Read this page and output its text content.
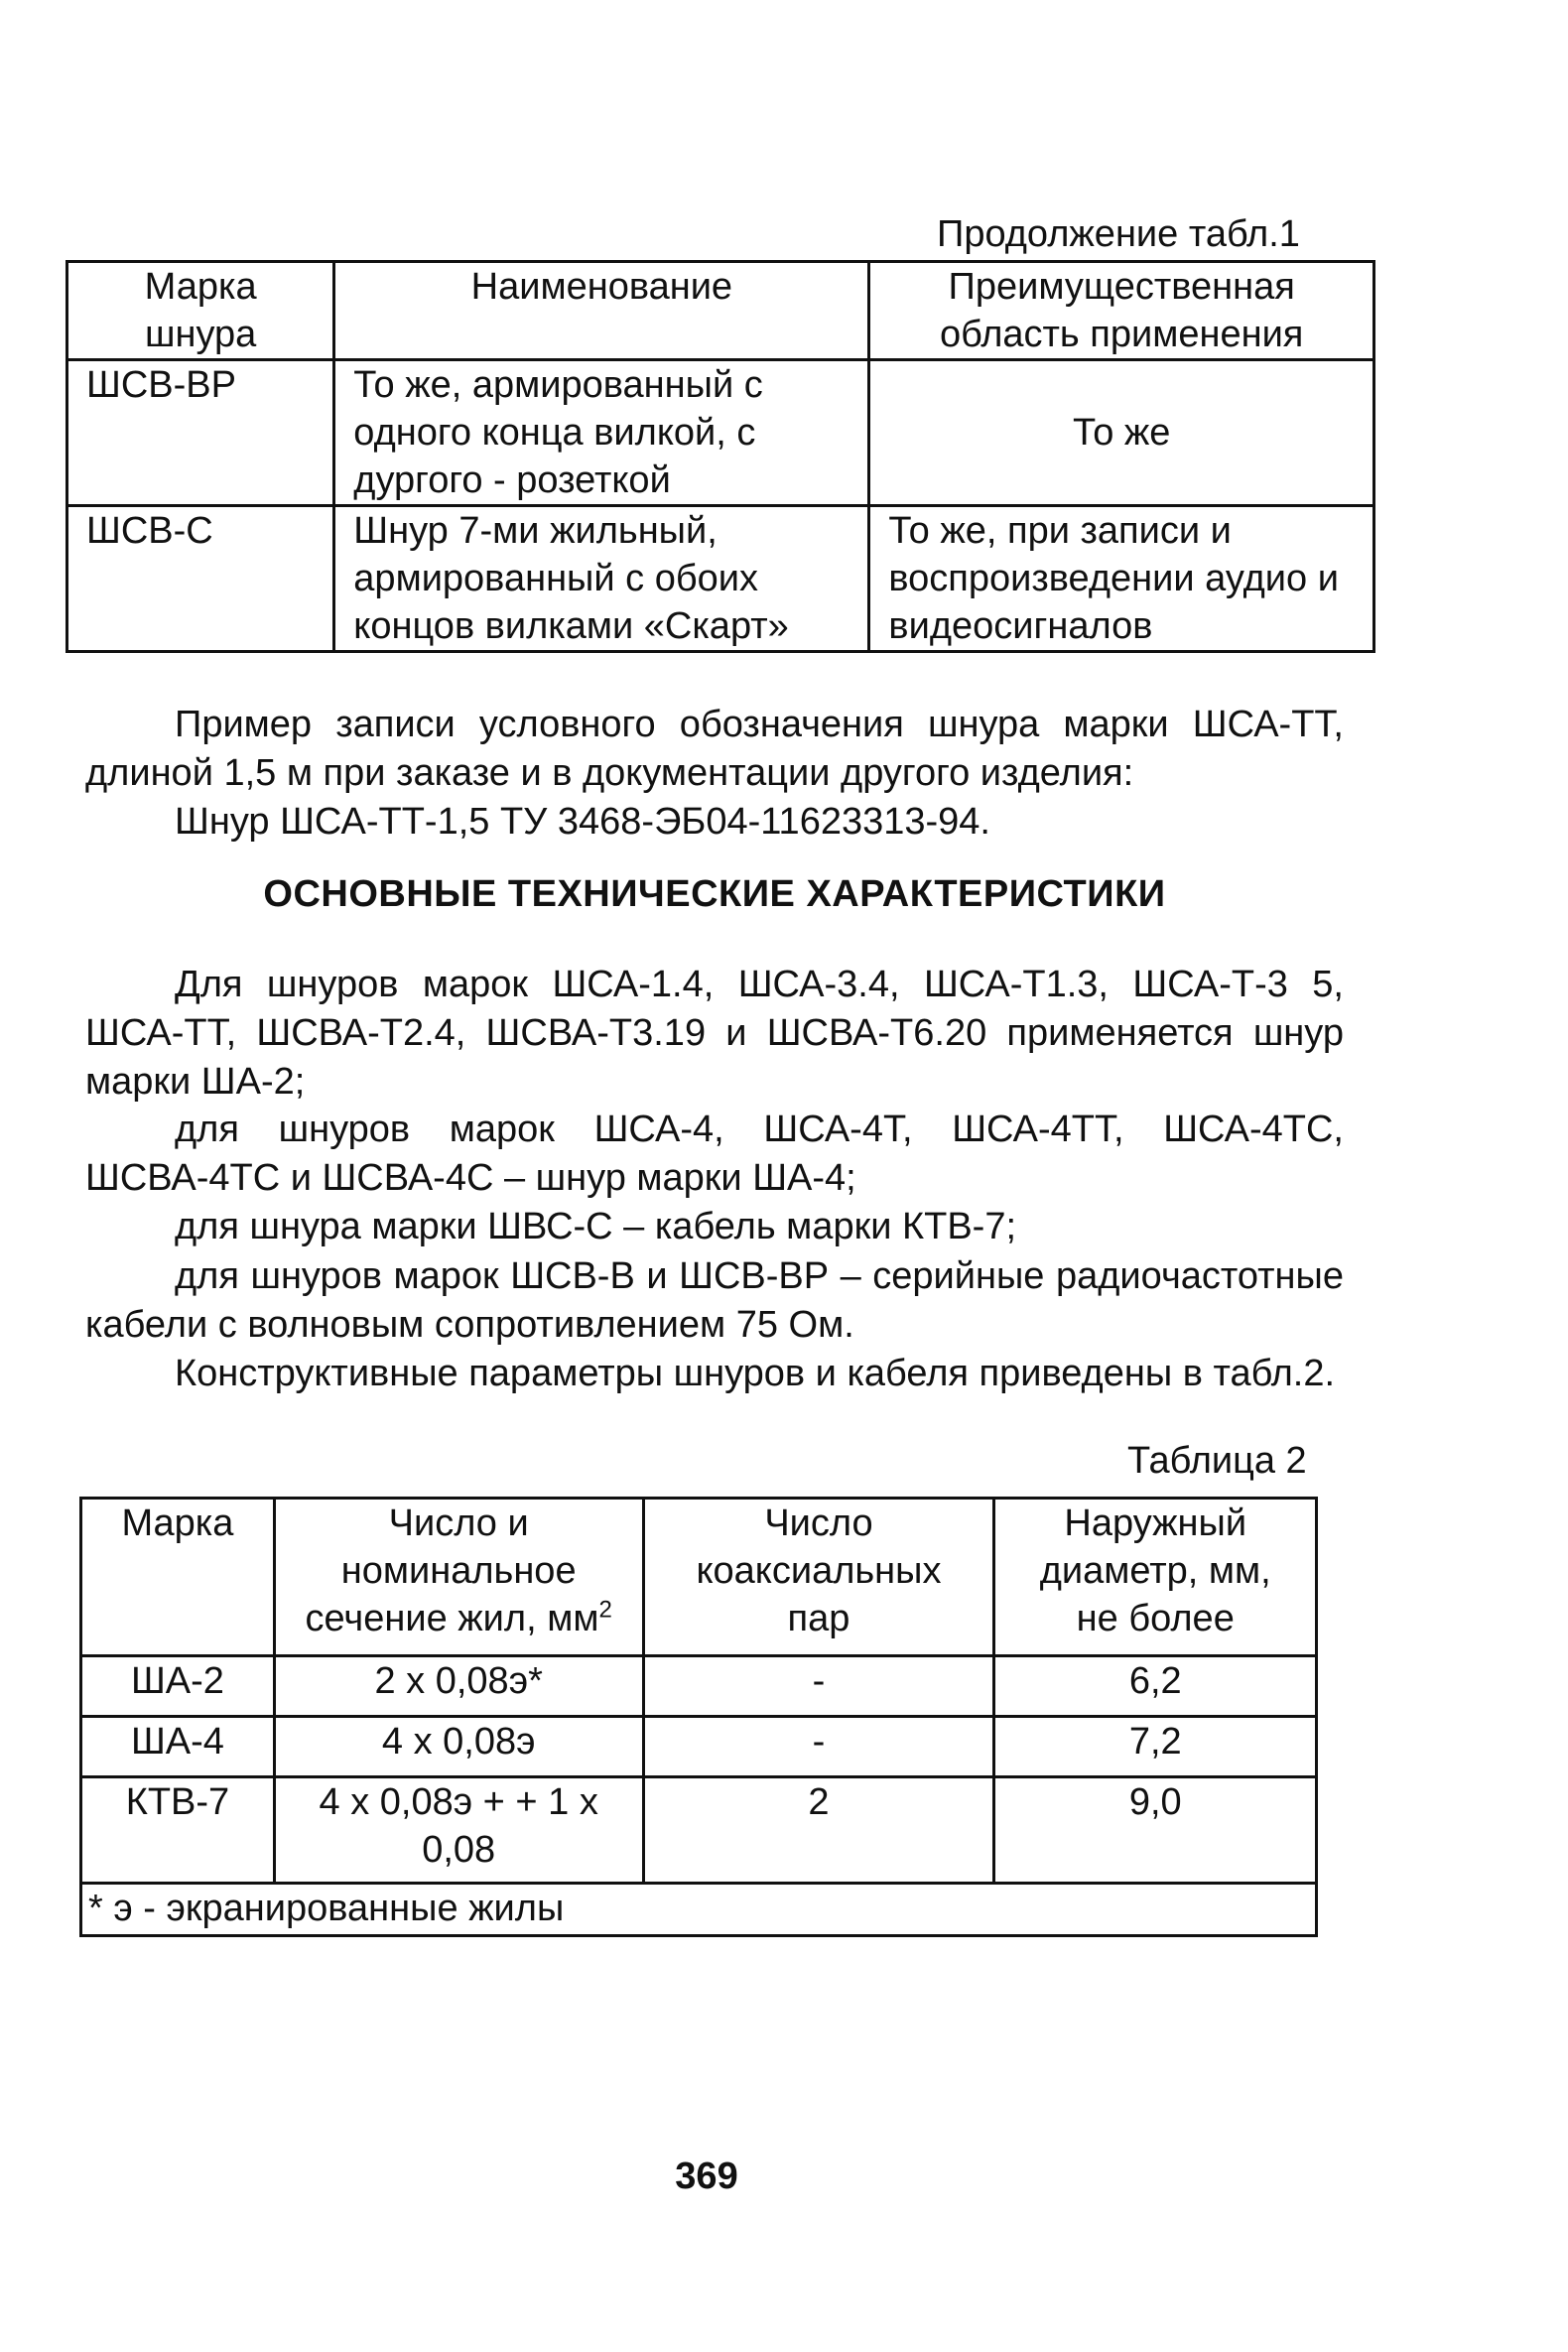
Продолжение табл.1
Марка шнура	Наименование	Преимущественная область применения
ШСВ-ВР	То же, армированный с одного конца вилкой, с дургого - розеткой	То же
ШСВ-С	Шнур 7-ми жильный, армированный с обоих концов вилками «Скарт»	То же, при записи и воспроизведении аудио и видеосигналов
Пример записи условного обозначения шнура марки ШСА-ТТ, длиной 1,5 м при заказе и в документации другого изделия:
Шнур ШСА-ТТ-1,5 ТУ 3468-ЭБ04-11623313-94.
ОСНОВНЫЕ ТЕХНИЧЕСКИЕ ХАРАКТЕРИСТИКИ
Для шнуров марок ШСА-1.4, ШСА-3.4, ШСА-Т1.3, ШСА-Т-3 5, ШСА-ТТ, ШСВА-Т2.4, ШСВА-Т3.19 и ШСВА-Т6.20 применяется шнур марки ША-2;
для шнуров марок ШСА-4, ШСА-4Т, ШСА-4ТТ, ШСА-4ТС, ШСВА-4ТС и ШСВА-4С – шнур марки ША-4;
для шнура марки ШВС-С – кабель марки КТВ-7;
для шнуров марок ШСВ-В и ШСВ-ВР – серийные радиочастотные кабели с волновым сопротивлением 75 Ом.
Конструктивные параметры шнуров и кабеля приведены в табл.2.
Таблица 2
Марка	Число и номинальное сечение жил, $мм^2$	Число коаксиальных пар	Наружный диаметр, мм, не более
ША-2	2 х 0,08э*	-	6,2
ША-4	4 х 0,08э	-	7,2
КТВ-7	4 х 0,08э + + 1 х 0,08	2	9,0
* э - экранированные жилы			
369
